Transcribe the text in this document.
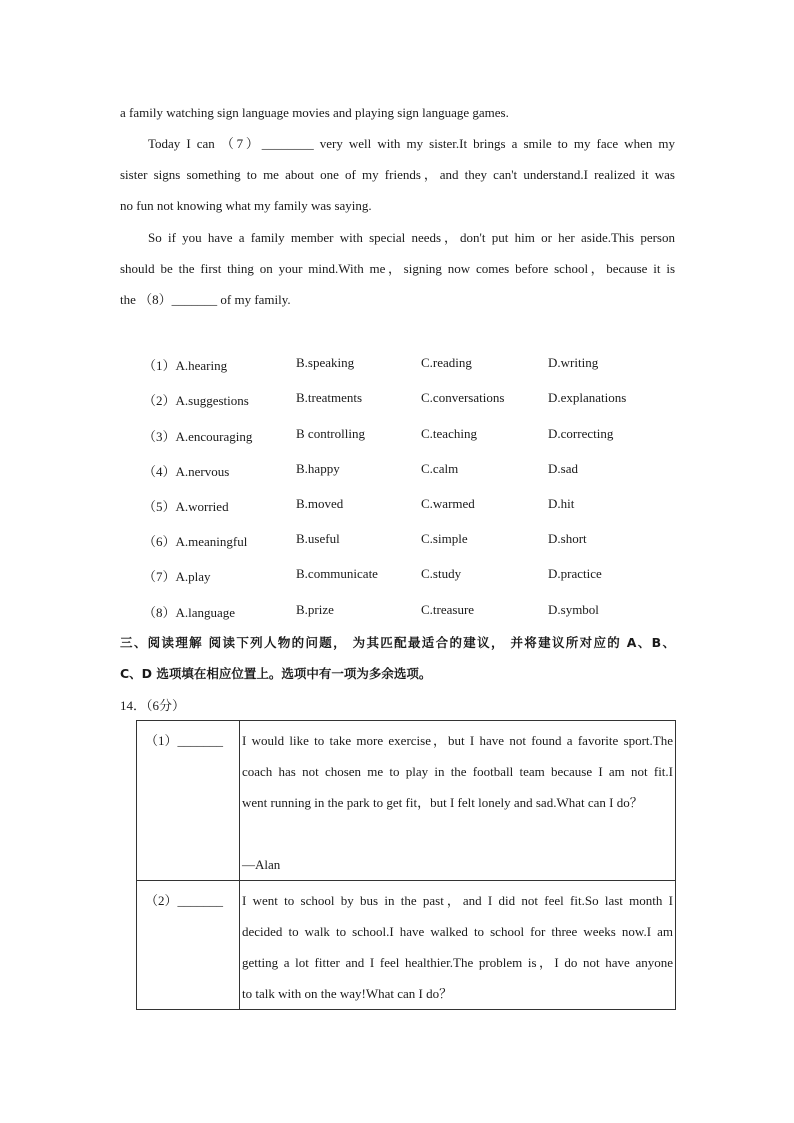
a family watching sign language movies and playing sign language games.
Today I can （7）________ very well with my sister.It brings a smile to my face when my
sister signs something to me about one of my friends，and they can't understand.I realized it was
no fun not knowing what my family was saying.
So if you have a family member with special needs，don't put him or her aside.This person
should be the first thing on your mind.With me，signing now comes before school，because it is
the （8）_______ of my family.
（1）A.hearing	B.speaking	C.reading	D.writing
（2）A.suggestions	B.treatments	C.conversations	D.explanations
（3）A.encouraging	B controlling	C.teaching	D.correcting
（4）A.nervous	B.happy	C.calm	D.sad
（5）A.worried	B.moved	C.warmed	D.hit
（6）A.meaningful	B.useful	C.simple	D.short
（7）A.play	B.communicate	C.study	D.practice
（8）A.language	B.prize	C.treasure	D.symbol
三、阅读理解 阅读下列人物的问题， 为其匹配最适合的建议， 并将建议所对应的 A、B、
C、D 选项填在相应位置上。选项中有一项为多余选项。
14．（6分）
（1）_______	I would like to take more exercise，but I have not found a favorite sport.The
coach has not chosen me to play in the football team because I am not fit.I
went running in the park to get fit，but I felt lonely and sad.What can I do？
—Alan

（2）_______	I went to school by bus in the past，and I did not feel fit.So last month I
decided to walk to school.I have walked to school for three weeks now.I am
getting a lot fitter and I feel healthier.The problem is，I do not have anyone
to talk with on the way!What can I do？
